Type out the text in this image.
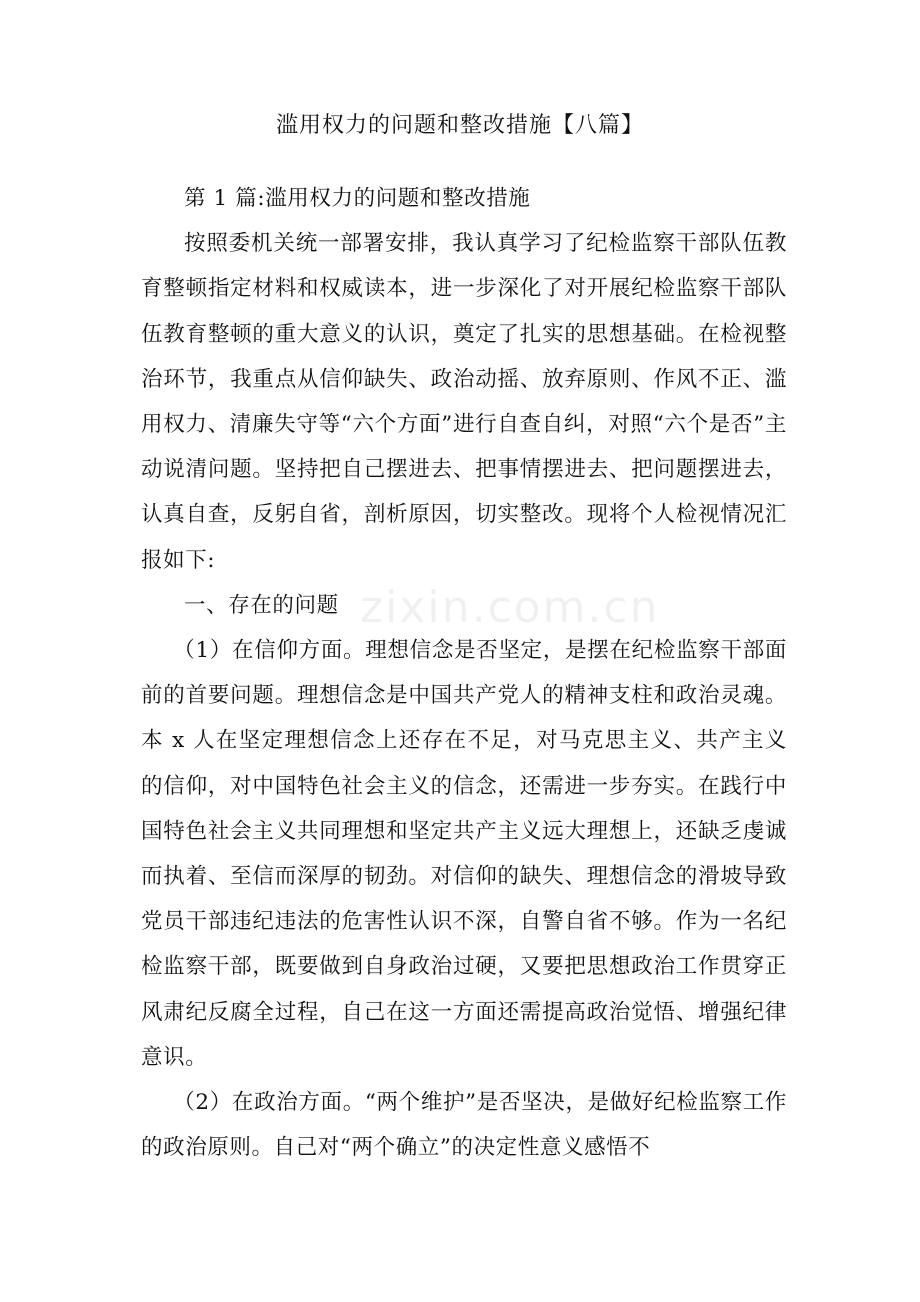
滥用权力的问题和整改措施【八篇】

第 1 篇:滥用权力的问题和整改措施

按照委机关统一部署安排，我认真学习了纪检监察干部队伍教育整顿指定材料和权威读本，进一步深化了对开展纪检监察干部队伍教育整顿的重大意义的认识，奠定了扎实的思想基础。在检视整治环节，我重点从信仰缺失、政治动摇、放弃原则、作风不正、滥用权力、清廉失守等“六个方面”进行自查自纠，对照“六个是否”主动说清问题。坚持把自己摆进去、把事情摆进去、把问题摆进去，认真自查，反躬自省，剖析原因，切实整改。现将个人检视情况汇报如下:

一、存在的问题

（1）在信仰方面。理想信念是否坚定，是摆在纪检监察干部面前的首要问题。理想信念是中国共产党人的精神支柱和政治灵魂。本 x 人在坚定理想信念上还存在不足，对马克思主义、共产主义的信仰，对中国特色社会主义的信念，还需进一步夯实。在践行中国特色社会主义共同理想和坚定共产主义远大理想上，还缺乏虔诚而执着、至信而深厚的韧劲。对信仰的缺失、理想信念的滑坡导致党员干部违纪违法的危害性认识不深，自警自省不够。作为一名纪检监察干部，既要做到自身政治过硬，又要把思想政治工作贯穿正风肃纪反腐全过程，自己在这一方面还需提高政治觉悟、增强纪律意识。

（2）在政治方面。“两个维护”是否坚决，是做好纪检监察工作的政治原则。自己对“两个确立”的决定性意义感悟不

zixin.com.cn
